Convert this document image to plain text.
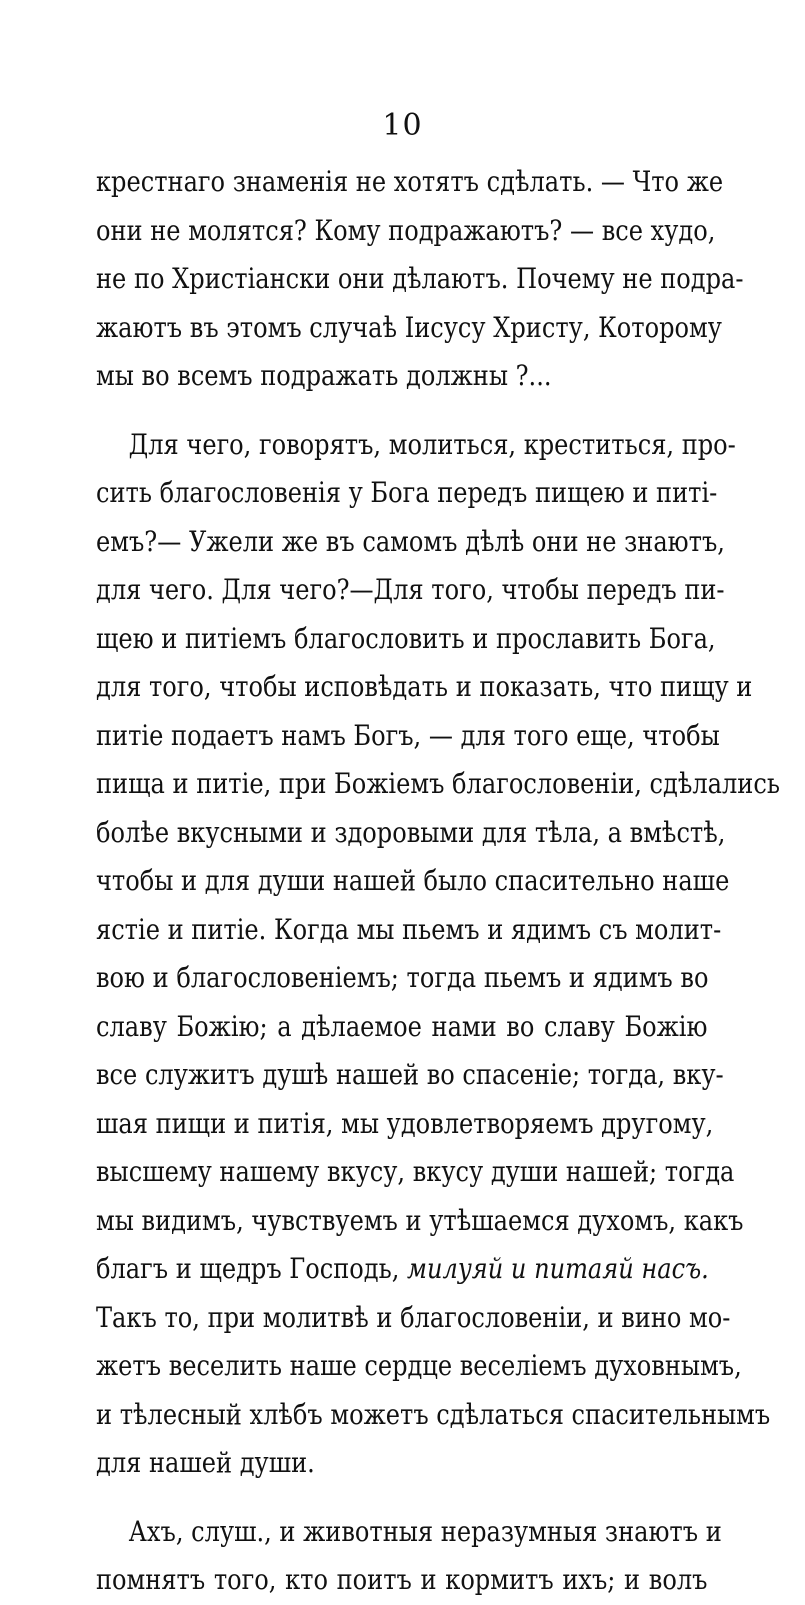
10
крестнаго знаменія не хотятъ сдѣлать. — Что же
они не молятся? Кому подражаютъ? — все худо,
не по Христіански они дѣлаютъ. Почему не подра-
жаютъ въ этомъ случаѣ Іисусу Христу, Которому
мы во всемъ подражать должны ?...
Для чего, говорятъ, молиться, креститься, про-
сить благословенія у Бога передъ пищею и питі-
емъ?— Ужели же въ самомъ дѣлѣ они не знаютъ,
для чего. Для чего?—Для того, чтобы передъ пи-
щею и питіемъ благословить и прославить Бога,
для того, чтобы исповѣдать и показать, что пищу и
питіе подаетъ намъ Богъ, — для того еще, чтобы
пища и питіе, при Божіемъ благословеніи, сдѣлались
болѣе вкусными и здоровыми для тѣла, а вмѣстѣ,
чтобы и для души нашей было спасительно наше
ястіе и питіе. Когда мы пьемъ и ядимъ съ молит-
вою и благословеніемъ; тогда пьемъ и ядимъ во
славу Божію; а дѣлаемое нами во славу Божію
все служитъ душѣ нашей во спасеніе; тогда, вку-
шая пищи и питія, мы удовлетворяемъ другому,
высшему нашему вкусу, вкусу души нашей; тогда
мы видимъ, чувствуемъ и утѣшаемся духомъ, какъ
благъ и щедръ Господь, милуяй и питаяй насъ.
Такъ то, при молитвѣ и благословеніи, и вино мо-
жетъ веселить наше сердце веселіемъ духовнымъ,
и тѣлесный хлѣбъ можетъ сдѣлаться спасительнымъ
для нашей души.
Ахъ, слуш., и животныя неразумныя знаютъ и
помнятъ того, кто поитъ и кормитъ ихъ; и волъ
